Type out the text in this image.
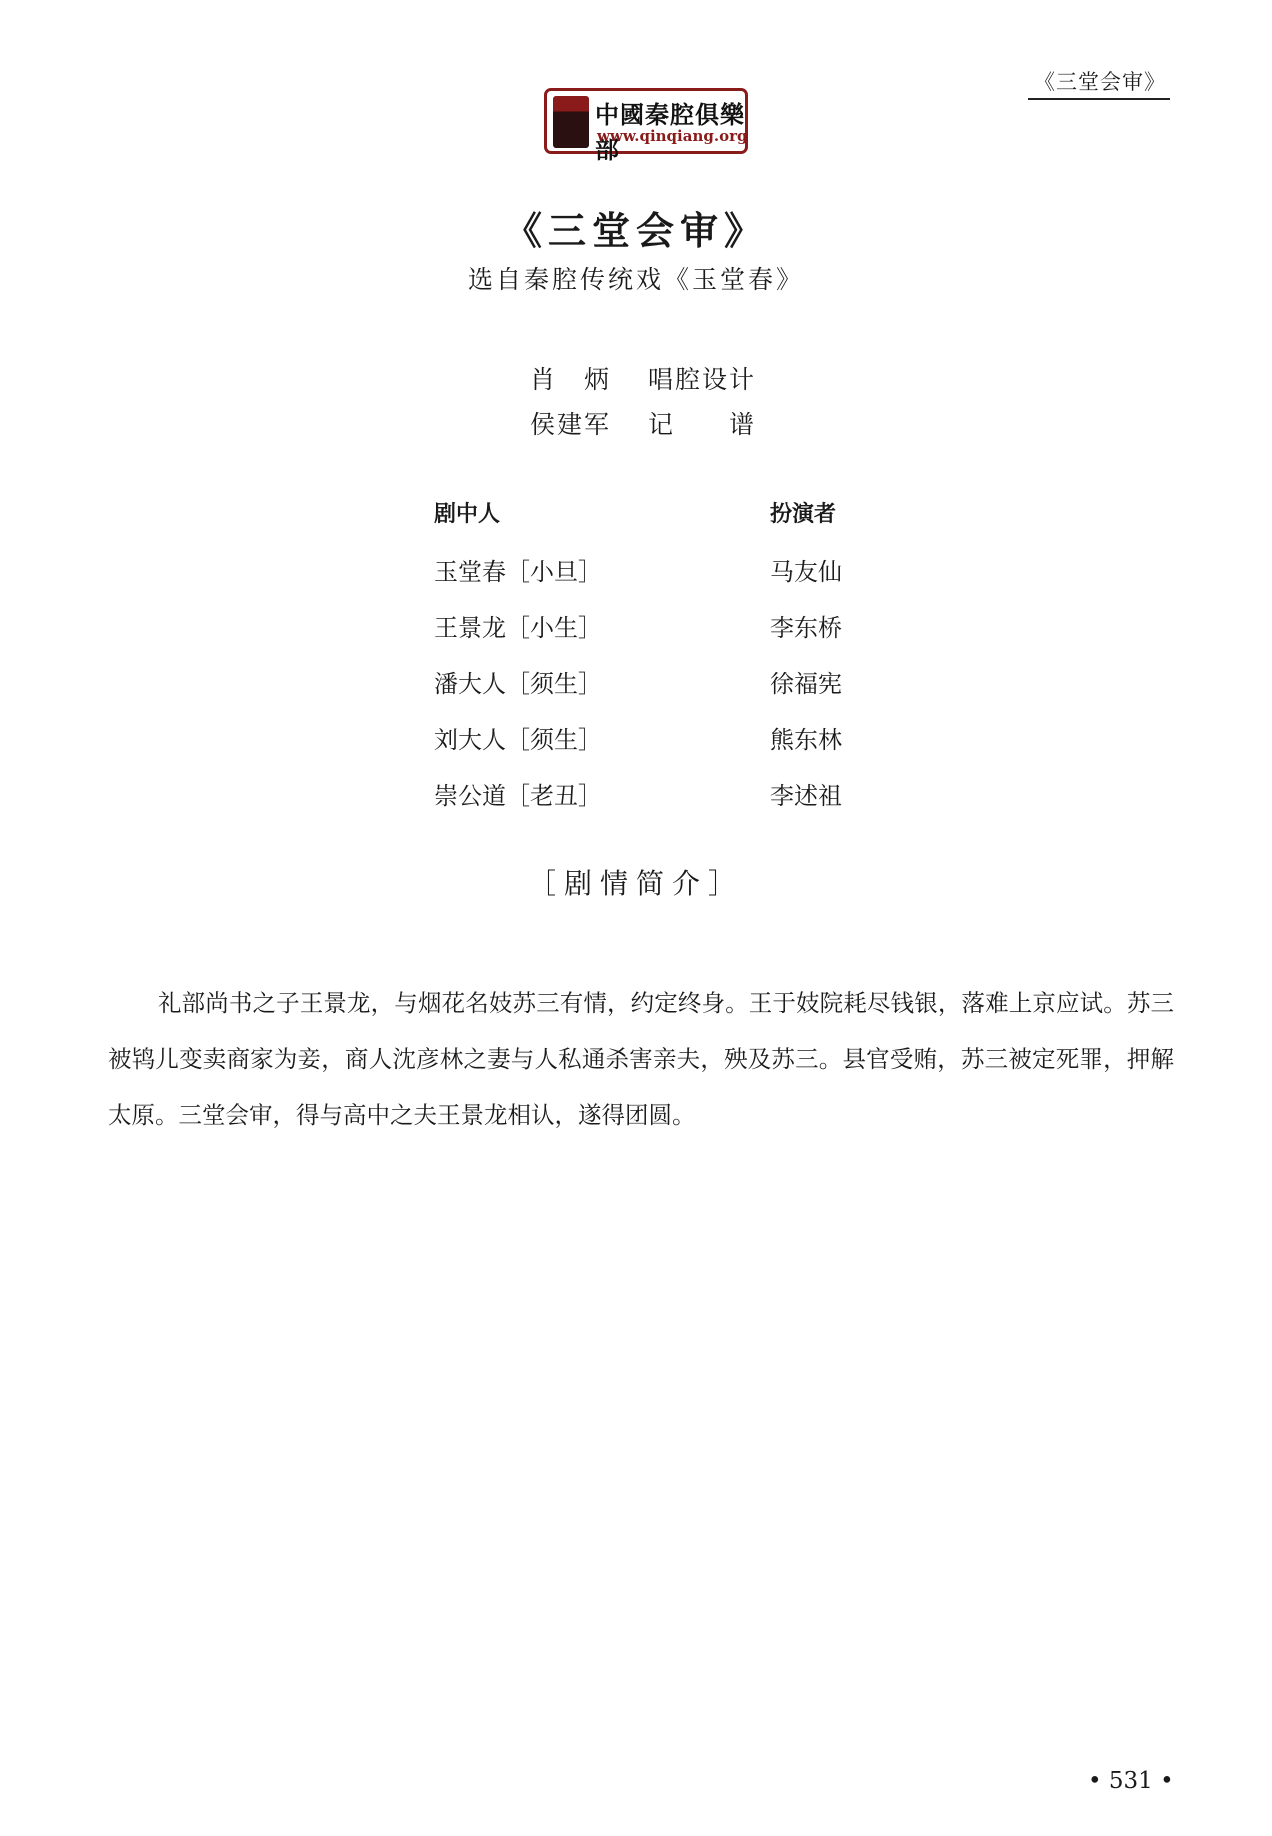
《三堂会审》
中國秦腔俱樂部
www.qinqiang.org
《三堂会审》
选自秦腔传统戏《玉堂春》
肖　炳 唱腔设计
侯建军 记　　谱
剧中人	扮演者
玉堂春［小旦］	马友仙
王景龙［小生］	李东桥
潘大人［须生］	徐福宪
刘大人［须生］	熊东林
崇公道［老丑］	李述祖
［剧情简介］
礼部尚书之子王景龙，与烟花名妓苏三有情，约定终身。王于妓院耗尽钱银，落难上京应试。苏三被鸨儿变卖商家为妾，商人沈彦林之妻与人私通杀害亲夫，殃及苏三。县官受贿，苏三被定死罪，押解太原。三堂会审，得与高中之夫王景龙相认，遂得团圆。
• 531 •
